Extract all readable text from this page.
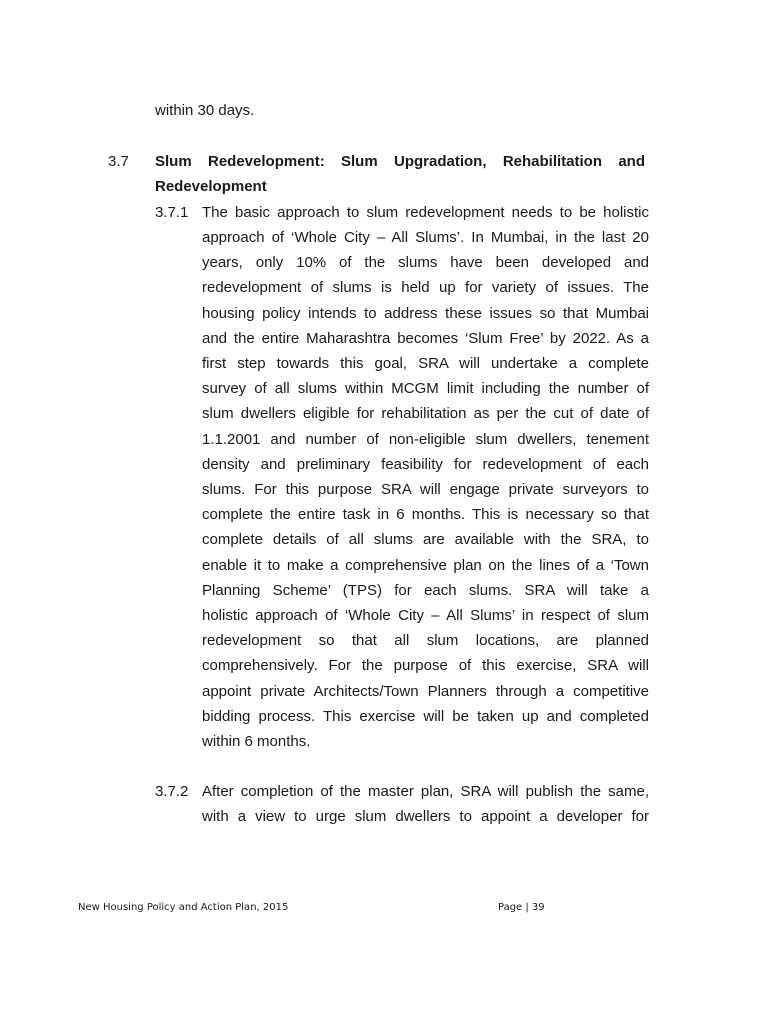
within 30 days.
3.7 Slum Redevelopment: Slum Upgradation, Rehabilitation and
Redevelopment
3.7.1 The basic approach to slum redevelopment needs to be holistic
approach of ‘Whole City – All Slums’. In Mumbai, in the last 20
years, only 10% of the slums have been developed and
redevelopment of slums is held up for variety of issues. The
housing policy intends to address these issues so that Mumbai
and the entire Maharashtra becomes ‘Slum Free’ by 2022. As a
first step towards this goal, SRA will undertake a complete
survey of all slums within MCGM limit including the number of
slum dwellers eligible for rehabilitation as per the cut of date of
1.1.2001 and number of non-eligible slum dwellers, tenement
density and preliminary feasibility for redevelopment of each
slums. For this purpose SRA will engage private surveyors to
complete the entire task in 6 months. This is necessary so that
complete details of all slums are available with the SRA, to
enable it to make a comprehensive plan on the lines of a ‘Town
Planning Scheme’ (TPS) for each slums. SRA will take a
holistic approach of ‘Whole City – All Slums’ in respect of slum
redevelopment so that all slum locations, are planned
comprehensively. For the purpose of this exercise, SRA will
appoint private Architects/Town Planners through a competitive
bidding process. This exercise will be taken up and completed
within 6 months.
3.7.2 After completion of the master plan, SRA will publish the same,
with a view to urge slum dwellers to appoint a developer for
New Housing Policy and Action Plan, 2015	Page | 39
